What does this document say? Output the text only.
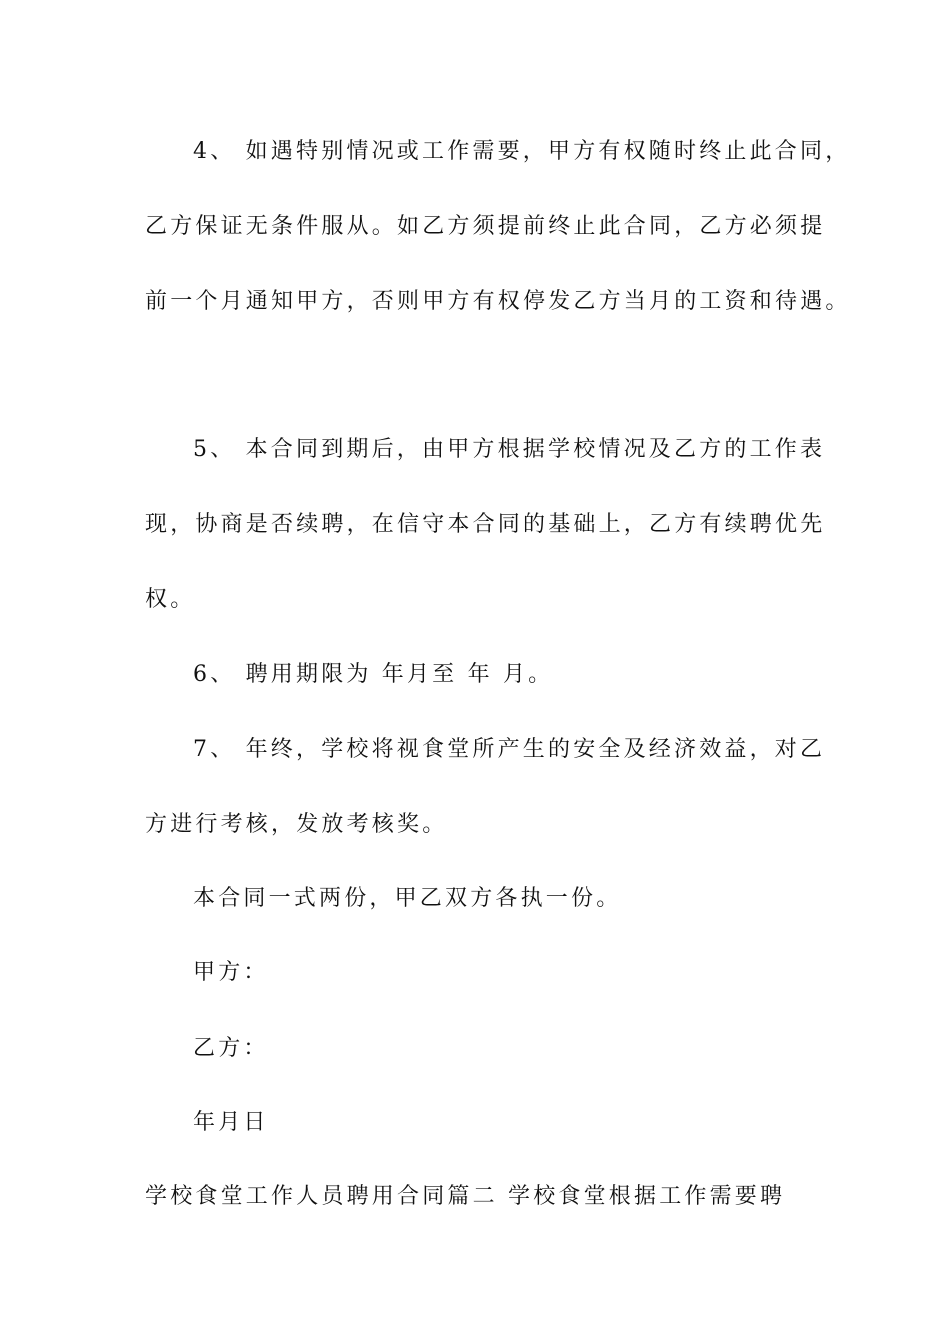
4、 如遇特别情况或工作需要，甲方有权随时终止此合同，

乙方保证无条件服从。如乙方须提前终止此合同，乙方必须提

前一个月通知甲方，否则甲方有权停发乙方当月的工资和待遇。

5、 本合同到期后，由甲方根据学校情况及乙方的工作表

现，协商是否续聘，在信守本合同的基础上，乙方有续聘优先

权。

6、 聘用期限为 年月至 年 月。

7、 年终，学校将视食堂所产生的安全及经济效益，对乙

方进行考核，发放考核奖。

本合同一式两份，甲乙双方各执一份。

甲方：

乙方：

年月日

学校食堂工作人员聘用合同篇二 学校食堂根据工作需要聘
